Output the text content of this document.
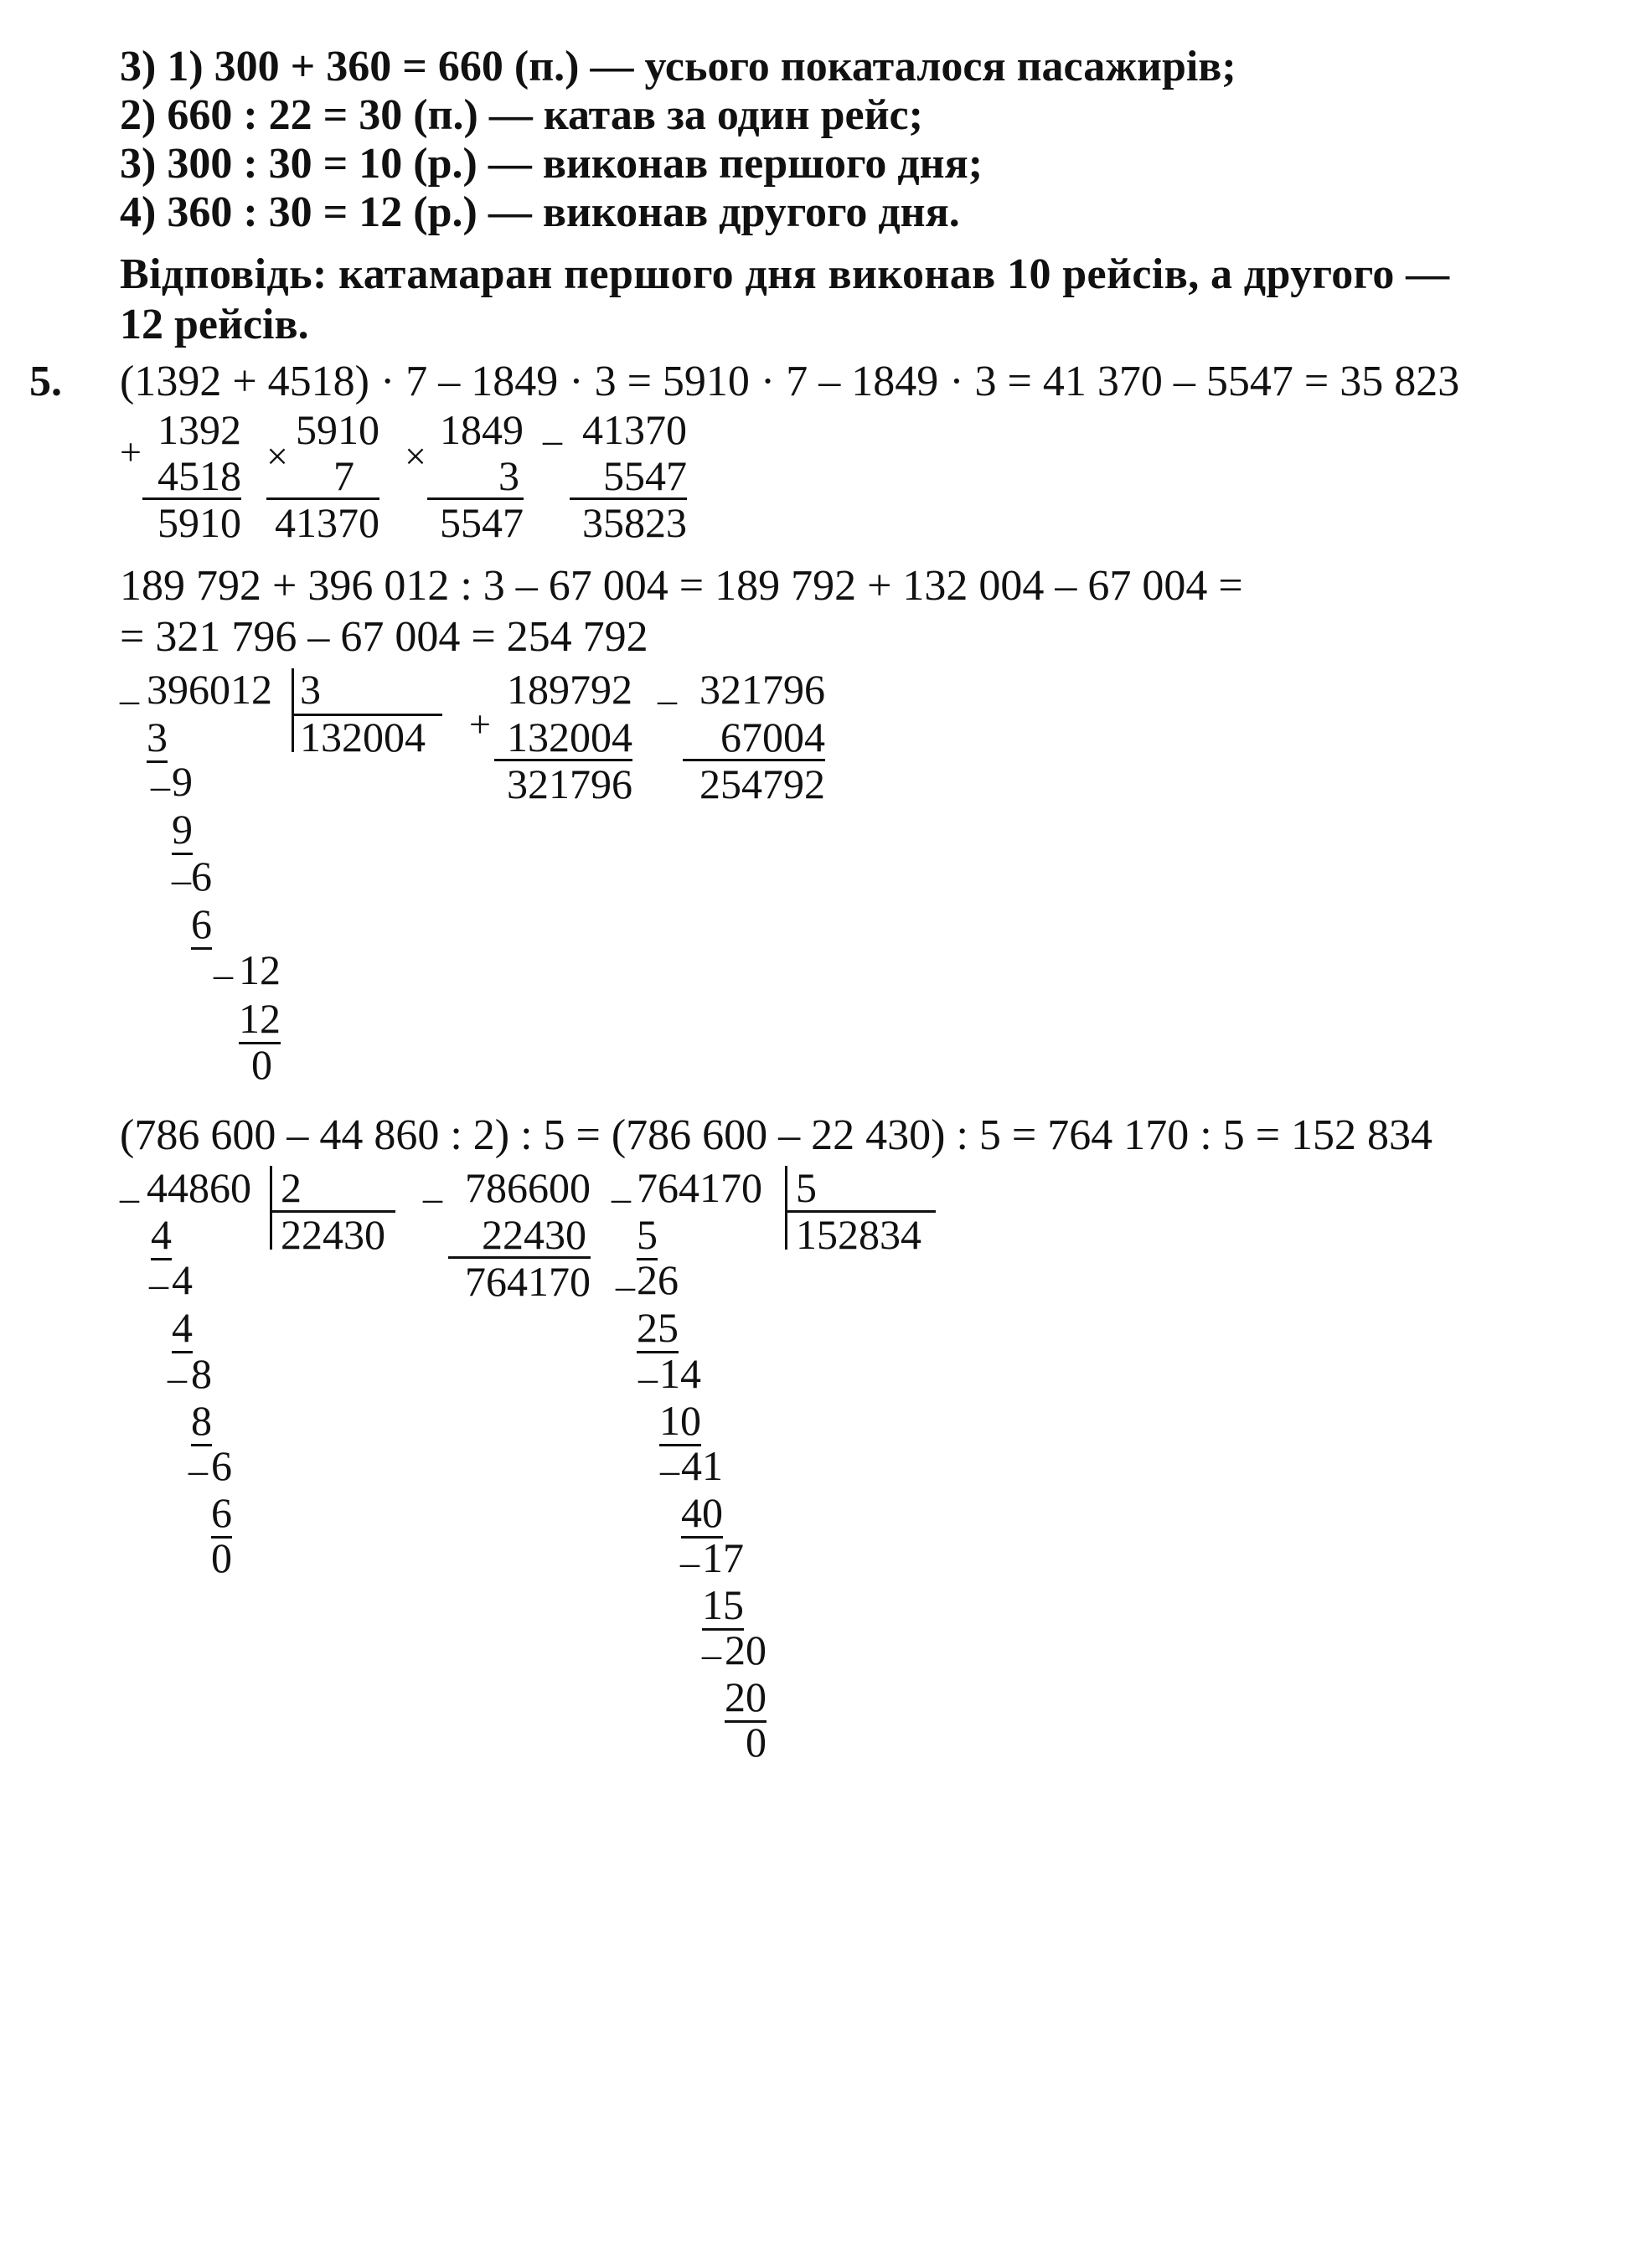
3) 1) 300 + 360 = 660 (п.) — усього покаталося пасажирів;
2) 660 : 22 = 30 (п.) — катав за один рейс;
3) 300 : 30 = 10 (р.) — виконав першого дня;
4) 360 : 30 = 12 (р.) — виконав другого дня.
Відповідь: катамаран першого дня виконав 10 рейсів, а другого —
12 рейсів.
5. (1392 + 4518) · 7 – 1849 · 3 = 5910 · 7 – 1849 · 3 = 41 370 – 5547 = 35 823
+ 1392
4518
5910
×
5910
7
41370
×
1849
3
5547
_ 41370
5547
35823
189 792 + 396 012 : 3 – 67 004 = 189 792 + 132 004 – 67 004 =
= 321 796 – 67 004 = 254 792
_ 396012 3
132004
3
9
9
6
6
12
12
0
_
_
_
+
189792
132004
321796
_ 321796
67004
254792
(786 600 – 44 860 : 2) : 5 = (786 600 – 22 430) : 5 = 764 170 : 5 = 152 834
_ 44860 2
22430
4
4
4
8
8
6
6
0
_
_
_
_ 786600
22430
764170
_ 764170 5
152834
5
26
25
14
10
41
40
17
15
20
20
0
_
_
_
_
_
